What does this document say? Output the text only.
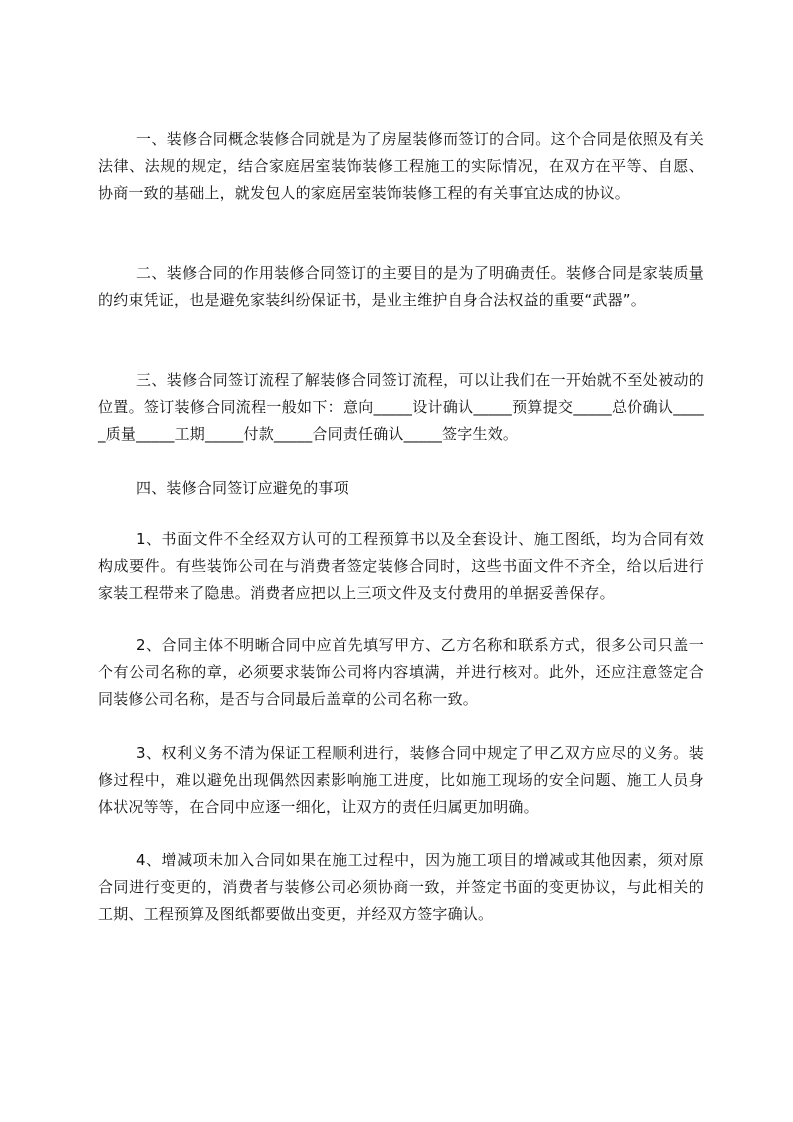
一、装修合同概念装修合同就是为了房屋装修而签订的合同。这个合同是依照及有关法律、法规的规定，结合家庭居室装饰装修工程施工的实际情况，在双方在平等、自愿、协商一致的基础上，就发包人的家庭居室装饰装修工程的有关事宜达成的协议。

二、装修合同的作用装修合同签订的主要目的是为了明确责任。装修合同是家装质量的约束凭证，也是避免家装纠纷保证书，是业主维护自身合法权益的重要“武器”。

三、装修合同签订流程了解装修合同签订流程，可以让我们在一开始就不至处被动的位置。签订装修合同流程一般如下：意向_____设计确认_____预算提交_____总价确认_____质量_____工期_____付款_____合同责任确认_____签字生效。

四、装修合同签订应避免的事项

1、书面文件不全经双方认可的工程预算书以及全套设计、施工图纸，均为合同有效构成要件。有些装饰公司在与消费者签定装修合同时，这些书面文件不齐全，给以后进行家装工程带来了隐患。消费者应把以上三项文件及支付费用的单据妥善保存。

2、合同主体不明晰合同中应首先填写甲方、乙方名称和联系方式，很多公司只盖一个有公司名称的章，必须要求装饰公司将内容填满，并进行核对。此外，还应注意签定合同装修公司名称，是否与合同最后盖章的公司名称一致。

3、权利义务不清为保证工程顺利进行，装修合同中规定了甲乙双方应尽的义务。装修过程中，难以避免出现偶然因素影响施工进度，比如施工现场的安全问题、施工人员身体状况等等，在合同中应逐一细化，让双方的责任归属更加明确。

4、增减项未加入合同如果在施工过程中，因为施工项目的增减或其他因素，须对原合同进行变更的，消费者与装修公司必须协商一致，并签定书面的变更协议，与此相关的工期、工程预算及图纸都要做出变更，并经双方签字确认。
